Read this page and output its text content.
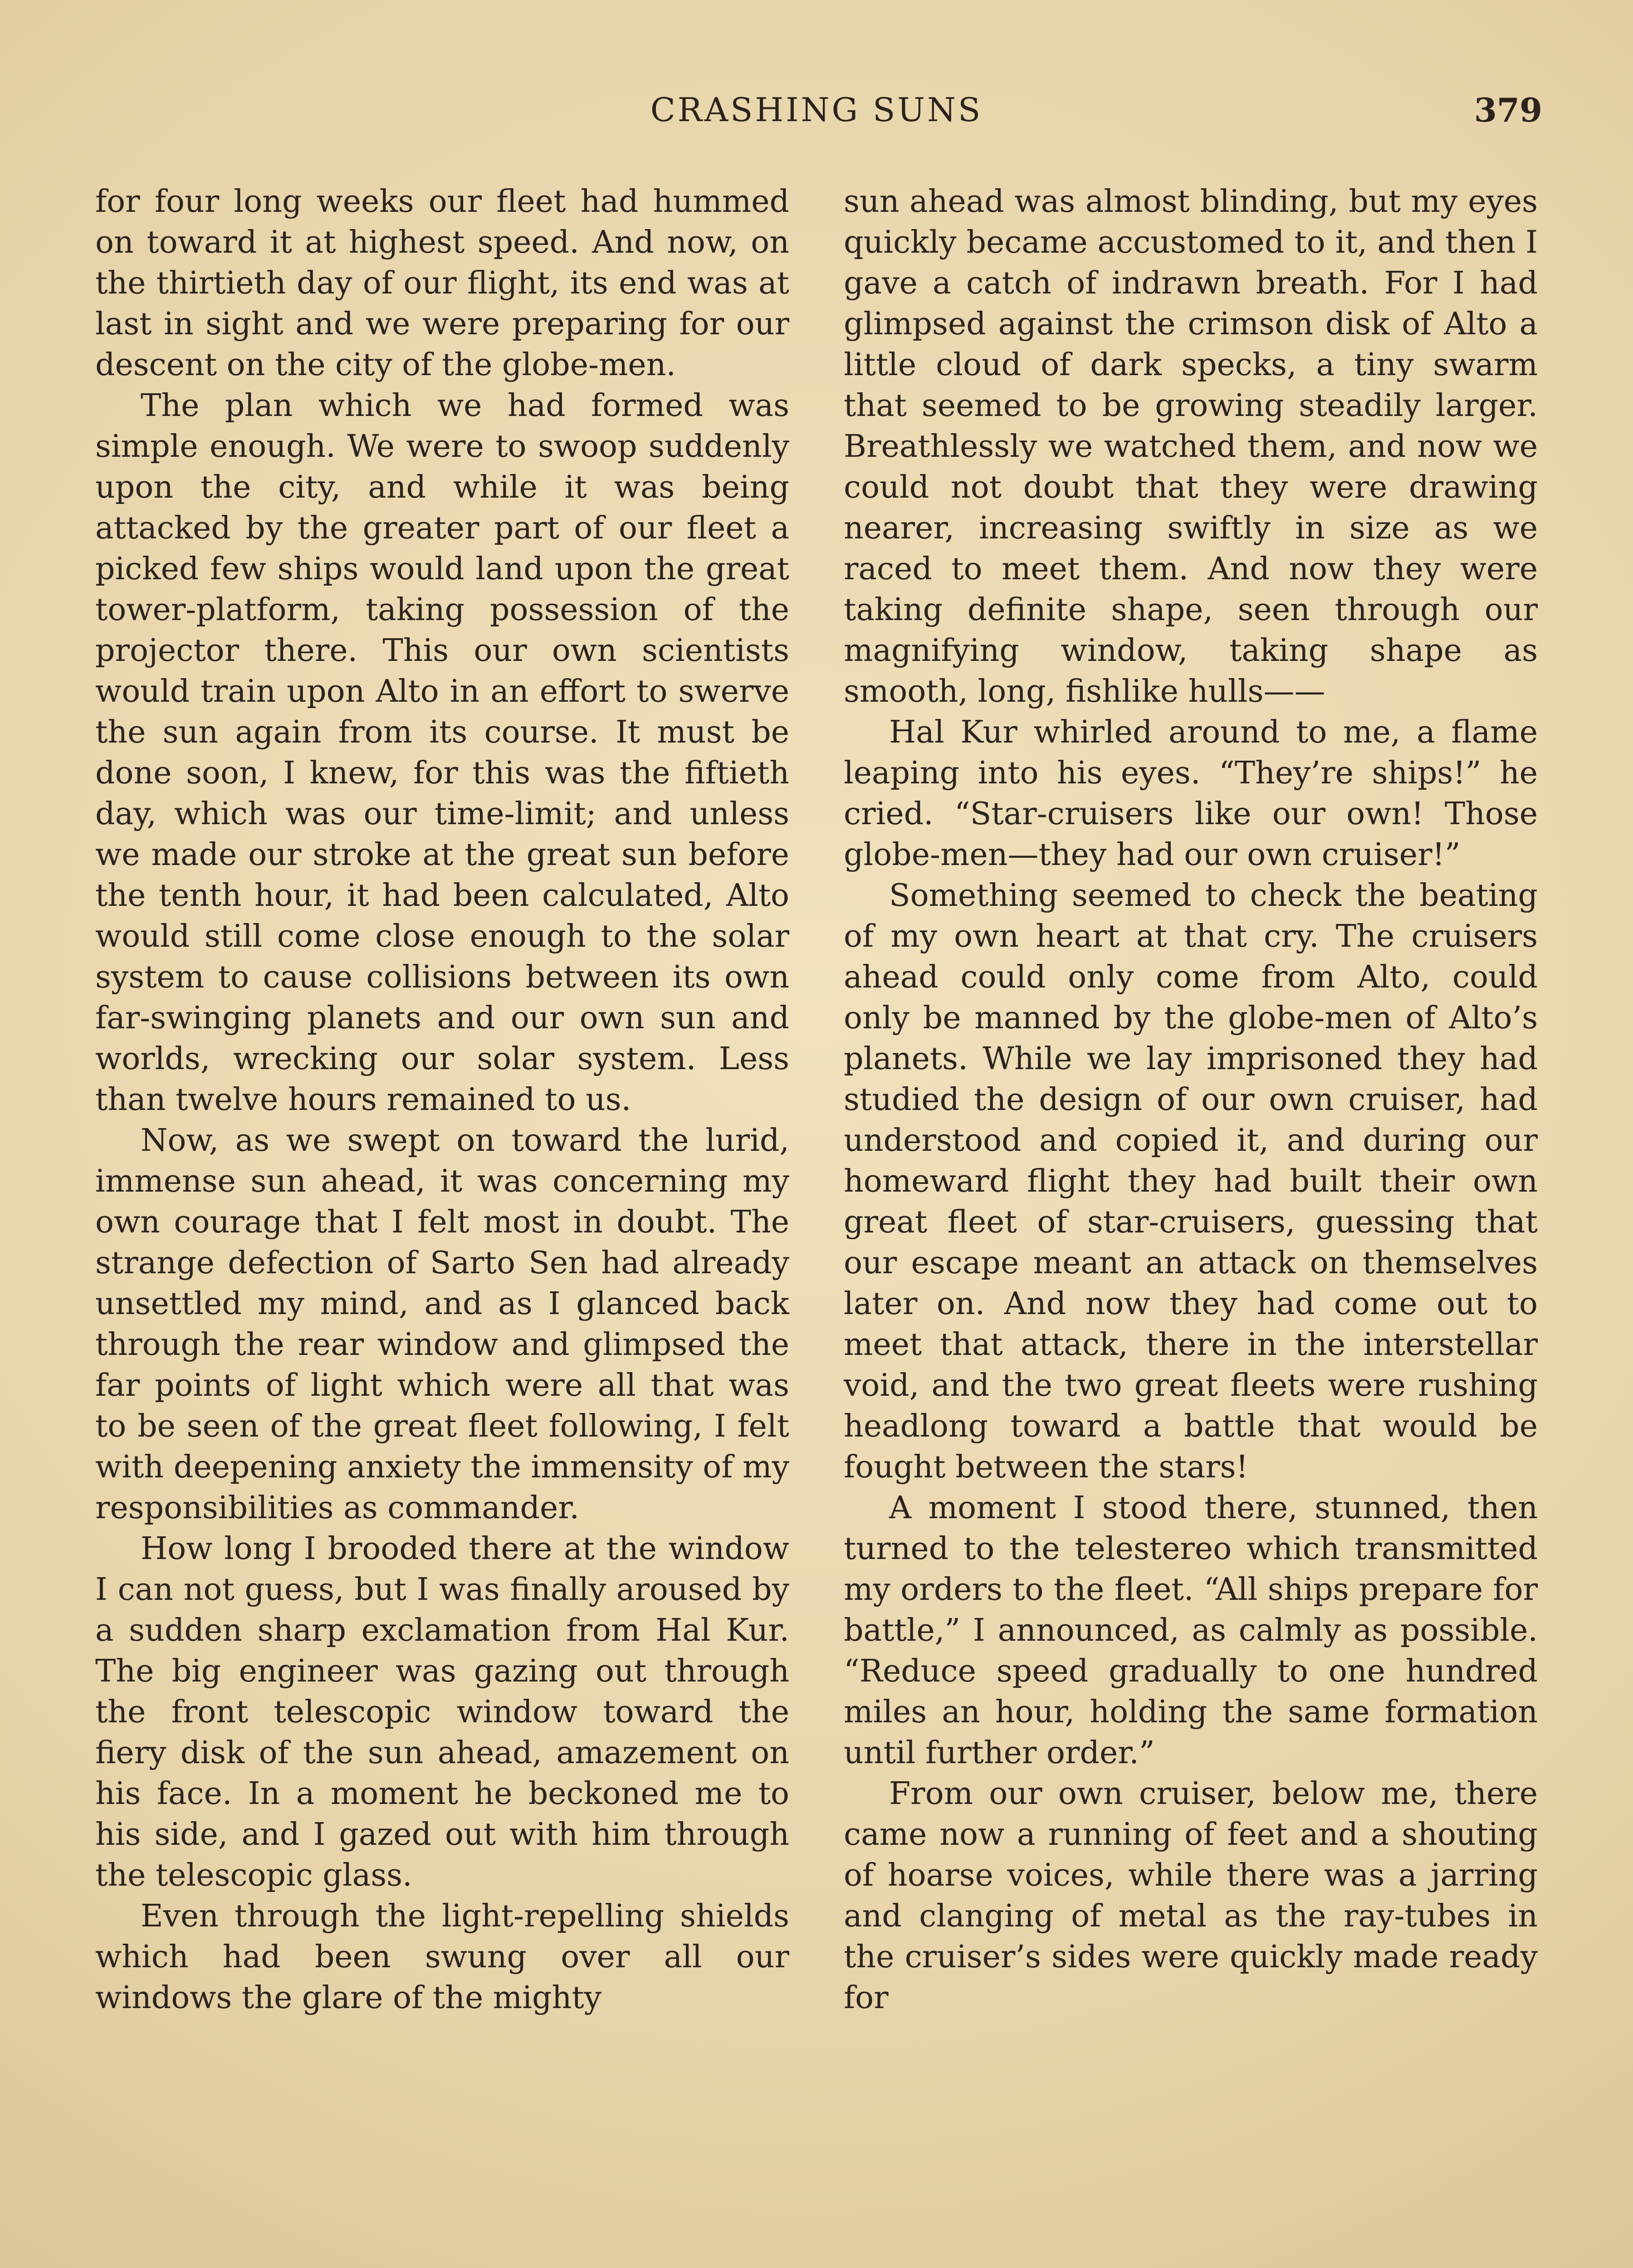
CRASHING SUNS	379

for four long weeks our fleet had hummed on toward it at highest speed. And now, on the thirtieth day of our flight, its end was at last in sight and we were preparing for our descent on the city of the globe-men.

The plan which we had formed was simple enough. We were to swoop suddenly upon the city, and while it was being attacked by the greater part of our fleet a picked few ships would land upon the great tower-platform, taking possession of the projector there. This our own scientists would train upon Alto in an effort to swerve the sun again from its course. It must be done soon, I knew, for this was the fiftieth day, which was our time-limit; and unless we made our stroke at the great sun before the tenth hour, it had been calculated, Alto would still come close enough to the solar system to cause collisions between its own far-swinging planets and our own sun and worlds, wrecking our solar system. Less than twelve hours remained to us.

Now, as we swept on toward the lurid, immense sun ahead, it was concerning my own courage that I felt most in doubt. The strange defection of Sarto Sen had already unsettled my mind, and as I glanced back through the rear window and glimpsed the far points of light which were all that was to be seen of the great fleet following, I felt with deepening anxiety the immensity of my responsibilities as commander.

How long I brooded there at the window I can not guess, but I was finally aroused by a sudden sharp exclamation from Hal Kur. The big engineer was gazing out through the front telescopic window toward the fiery disk of the sun ahead, amazement on his face. In a moment he beckoned me to his side, and I gazed out with him through the telescopic glass.

Even through the light-repelling shields which had been swung over all our windows the glare of the mighty

sun ahead was almost blinding, but my eyes quickly became accustomed to it, and then I gave a catch of indrawn breath. For I had glimpsed against the crimson disk of Alto a little cloud of dark specks, a tiny swarm that seemed to be growing steadily larger. Breathlessly we watched them, and now we could not doubt that they were drawing nearer, increasing swiftly in size as we raced to meet them. And now they were taking definite shape, seen through our magnifying window, taking shape as smooth, long, fishlike hulls——

Hal Kur whirled around to me, a flame leaping into his eyes. “They’re ships!” he cried. “Star-cruisers like our own! Those globe-men—they had our own cruiser!”

Something seemed to check the beating of my own heart at that cry. The cruisers ahead could only come from Alto, could only be manned by the globe-men of Alto’s planets. While we lay imprisoned they had studied the design of our own cruiser, had understood and copied it, and during our homeward flight they had built their own great fleet of star-cruisers, guessing that our escape meant an attack on themselves later on. And now they had come out to meet that attack, there in the interstellar void, and the two great fleets were rushing headlong toward a battle that would be fought between the stars!

A moment I stood there, stunned, then turned to the telestereo which transmitted my orders to the fleet. “All ships prepare for battle,” I announced, as calmly as possible. “Reduce speed gradually to one hundred miles an hour, holding the same formation until further order.”

From our own cruiser, below me, there came now a running of feet and a shouting of hoarse voices, while there was a jarring and clanging of metal as the ray-tubes in the cruiser’s sides were quickly made ready for
